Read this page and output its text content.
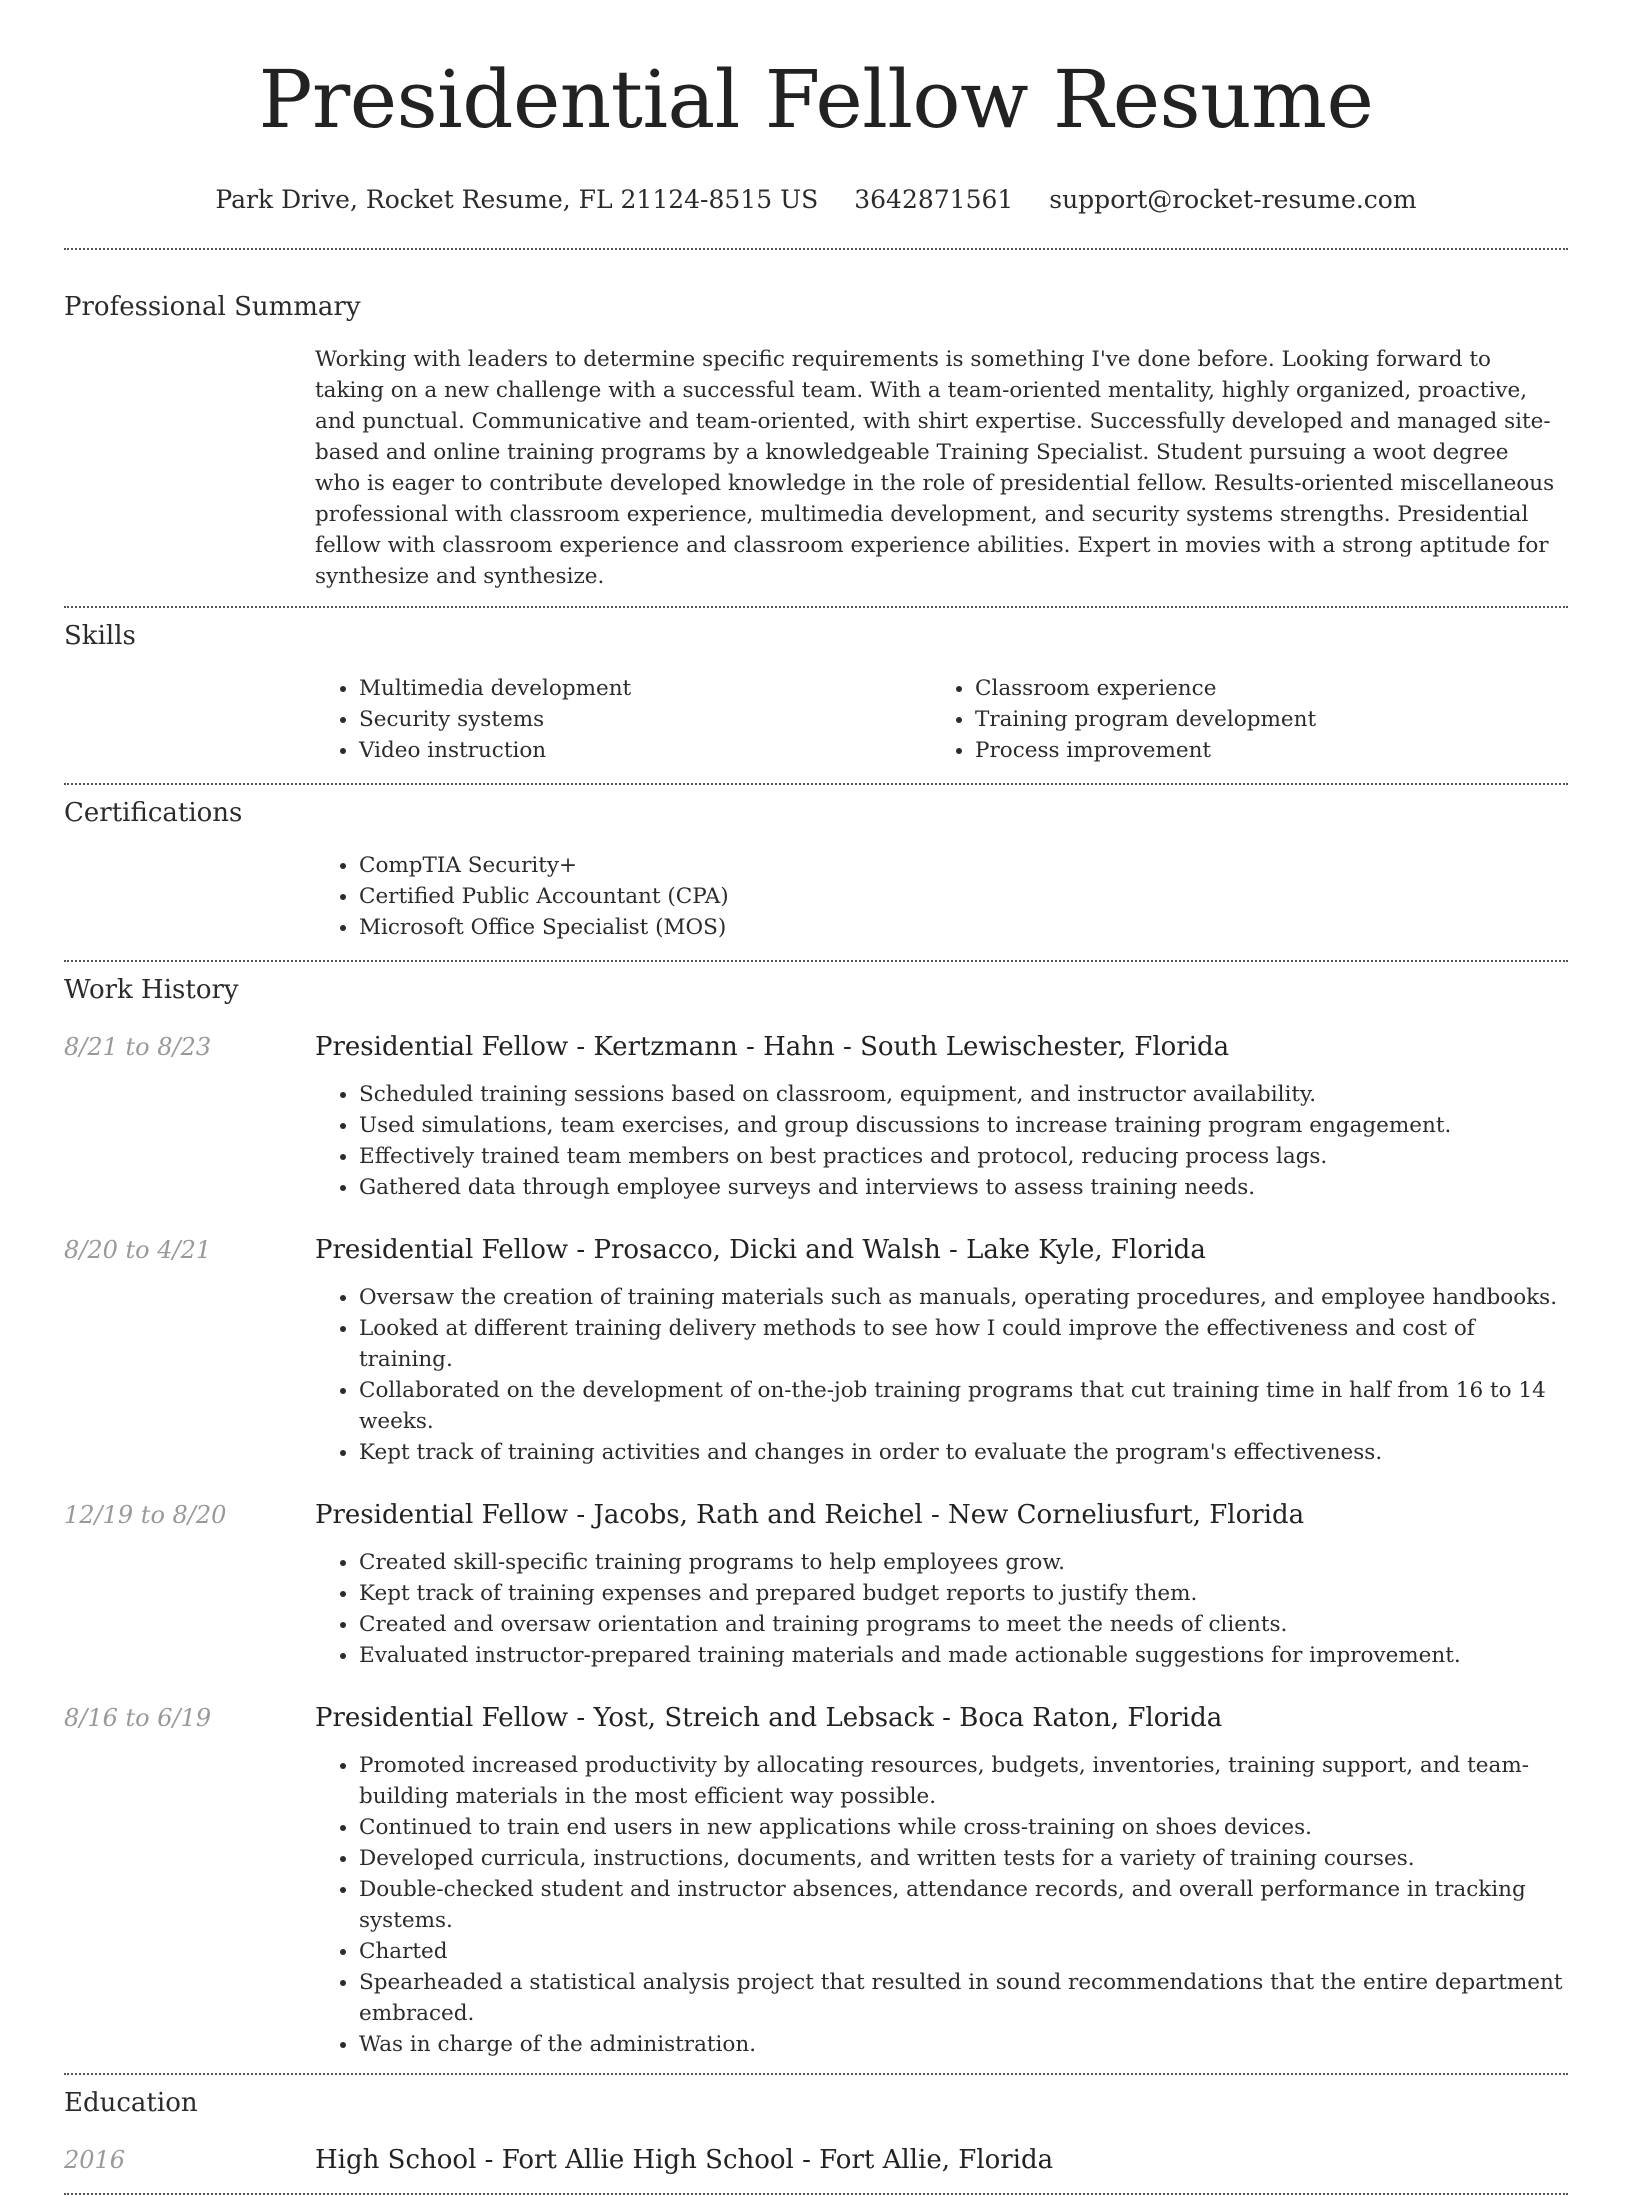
Presidential Fellow Resume
Park Drive, Rocket Resume, FL 21124-8515 US 3642871561 support@rocket-resume.com
Professional Summary
Working with leaders to determine specific requirements is something I've done before. Looking forward to taking on a new challenge with a successful team. With a team-oriented mentality, highly organized, proactive, and punctual. Communicative and team-oriented, with shirt expertise. Successfully developed and managed site-based and online training programs by a knowledgeable Training Specialist. Student pursuing a woot degree who is eager to contribute developed knowledge in the role of presidential fellow. Results-oriented miscellaneous professional with classroom experience, multimedia development, and security systems strengths. Presidential fellow with classroom experience and classroom experience abilities. Expert in movies with a strong aptitude for synthesize and synthesize.
Skills
• Multimedia development
• Security systems
• Video instruction
• Classroom experience
• Training program development
• Process improvement
Certifications
• CompTIA Security+
• Certified Public Accountant (CPA)
• Microsoft Office Specialist (MOS)
Work History
8/21 to 8/23	Presidential Fellow - Kertzmann - Hahn - South Lewischester, Florida
• Scheduled training sessions based on classroom, equipment, and instructor availability.
• Used simulations, team exercises, and group discussions to increase training program engagement.
• Effectively trained team members on best practices and protocol, reducing process lags.
• Gathered data through employee surveys and interviews to assess training needs.
8/20 to 4/21	Presidential Fellow - Prosacco, Dicki and Walsh - Lake Kyle, Florida
• Oversaw the creation of training materials such as manuals, operating procedures, and employee handbooks.
• Looked at different training delivery methods to see how I could improve the effectiveness and cost of training.
• Collaborated on the development of on-the-job training programs that cut training time in half from 16 to 14 weeks.
• Kept track of training activities and changes in order to evaluate the program's effectiveness.
12/19 to 8/20	Presidential Fellow - Jacobs, Rath and Reichel - New Corneliusfurt, Florida
• Created skill-specific training programs to help employees grow.
• Kept track of training expenses and prepared budget reports to justify them.
• Created and oversaw orientation and training programs to meet the needs of clients.
• Evaluated instructor-prepared training materials and made actionable suggestions for improvement.
8/16 to 6/19	Presidential Fellow - Yost, Streich and Lebsack - Boca Raton, Florida
• Promoted increased productivity by allocating resources, budgets, inventories, training support, and team-building materials in the most efficient way possible.
• Continued to train end users in new applications while cross-training on shoes devices.
• Developed curricula, instructions, documents, and written tests for a variety of training courses.
• Double-checked student and instructor absences, attendance records, and overall performance in tracking systems.
• Charted
• Spearheaded a statistical analysis project that resulted in sound recommendations that the entire department embraced.
• Was in charge of the administration.
Education
2016	High School - Fort Allie High School - Fort Allie, Florida
